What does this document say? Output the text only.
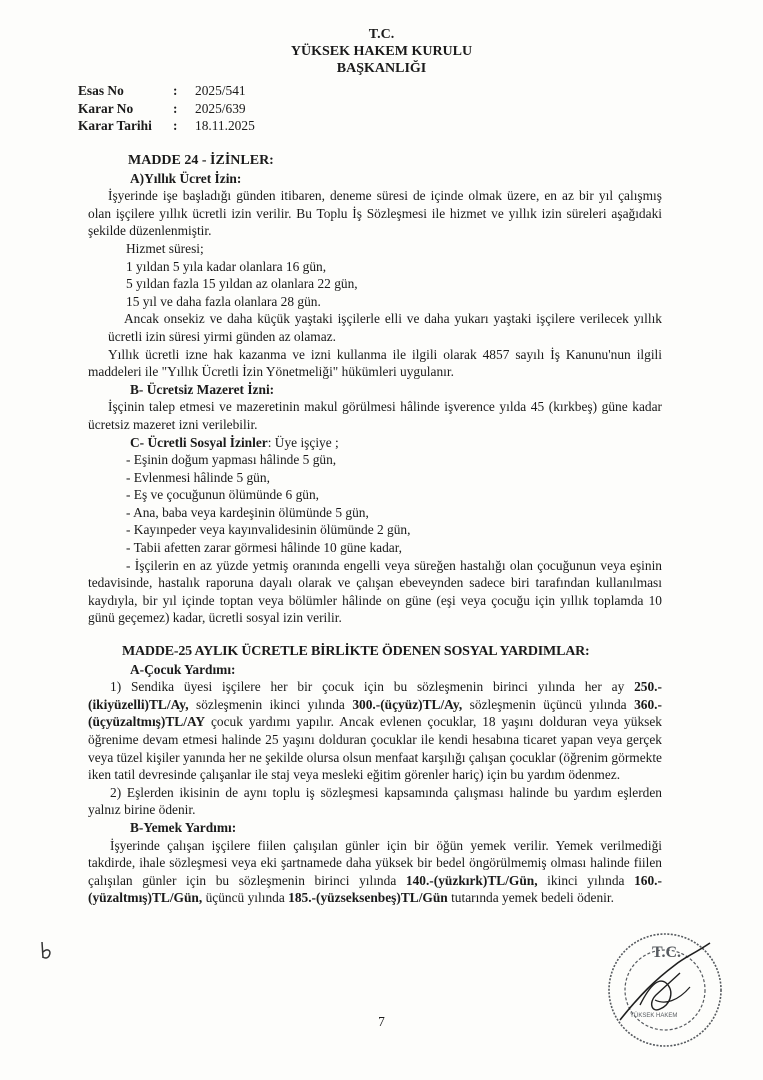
T.C.
YÜKSEK HAKEM KURULU
BAŞKANLIĞI
Esas No	:	2025/541
Karar No	:	2025/639
Karar Tarihi	:	18.11.2025

MADDE 24 - İZİNLER:

A)Yıllık Ücret İzin:

İşyerinde işe başladığı günden itibaren, deneme süresi de içinde olmak üzere, en az bir yıl çalışmış olan işçilere yıllık ücretli izin verilir. Bu Toplu İş Sözleşmesi ile hizmet ve yıllık izin süreleri aşağıdaki şekilde düzenlenmiştir.

Hizmet süresi;

1 yıldan 5 yıla kadar olanlara 16 gün,

5 yıldan fazla 15 yıldan az olanlara 22 gün,

15 yıl ve daha fazla olanlara 28 gün.

Ancak onsekiz ve daha küçük yaştaki işçilerle elli ve daha yukarı yaştaki işçilere verilecek yıllık ücretli izin süresi yirmi günden az olamaz.

Yıllık ücretli izne hak kazanma ve izni kullanma ile ilgili olarak 4857 sayılı İş Kanunu'nun ilgili maddeleri ile "Yıllık Ücretli İzin Yönetmeliği" hükümleri uygulanır.

B- Ücretsiz Mazeret İzni:

İşçinin talep etmesi ve mazeretinin makul görülmesi hâlinde işverence yılda 45 (kırkbeş) güne kadar ücretsiz mazeret izni verilebilir.

C- Ücretli Sosyal İzinler: Üye işçiye ;

- Eşinin doğum yapması hâlinde 5 gün,

- Evlenmesi hâlinde 5 gün,

- Eş ve çocuğunun ölümünde 6 gün,

- Ana, baba veya kardeşinin ölümünde 5 gün,

- Kayınpeder veya kayınvalidesinin ölümünde 2 gün,

- Tabii afetten zarar görmesi hâlinde 10 güne kadar,

- İşçilerin en az yüzde yetmiş oranında engelli veya süreğen hastalığı olan çocuğunun veya eşinin tedavisinde, hastalık raporuna dayalı olarak ve çalışan ebeveynden sadece biri tarafından kullanılması kaydıyla, bir yıl içinde toptan veya bölümler hâlinde on güne (eşi veya çocuğu için yıllık toplamda 10 günü geçemez) kadar, ücretli sosyal izin verilir.

MADDE-25 AYLIK ÜCRETLE BİRLİKTE ÖDENEN SOSYAL YARDIMLAR:

A-Çocuk Yardımı:

1) Sendika üyesi işçilere her bir çocuk için bu sözleşmenin birinci yılında her ay 250.-(ikiyüzelli)TL/Ay, sözleşmenin ikinci yılında 300.-(üçyüz)TL/Ay, sözleşmenin üçüncü yılında 360.-(üçyüzaltmış)TL/AY çocuk yardımı yapılır. Ancak evlenen çocuklar, 18 yaşını dolduran veya yüksek öğrenime devam etmesi halinde 25 yaşını dolduran çocuklar ile kendi hesabına ticaret yapan veya gerçek veya tüzel kişiler yanında her ne şekilde olursa olsun menfaat karşılığı çalışan çocuklar (öğrenim görmekte iken tatil devresinde çalışanlar ile staj veya mesleki eğitim görenler hariç) için bu yardım ödenmez.

2) Eşlerden ikisinin de aynı toplu iş sözleşmesi kapsamında çalışması halinde bu yardım eşlerden yalnız birine ödenir.

B-Yemek Yardımı:

İşyerinde çalışan işçilere fiilen çalışılan günler için bir öğün yemek verilir. Yemek verilmediği takdirde, ihale sözleşmesi veya eki şartnamede daha yüksek bir bedel öngörülmemiş olması halinde fiilen çalışılan günler için bu sözleşmenin birinci yılında 140.-(yüzkırk)TL/Gün, ikinci yılında 160.-(yüzaltmış)TL/Gün, üçüncü yılında 185.-(yüzseksenbeş)TL/Gün tutarında yemek bedeli ödenir.

T.C.
YÜKSEK HAKEM
7
